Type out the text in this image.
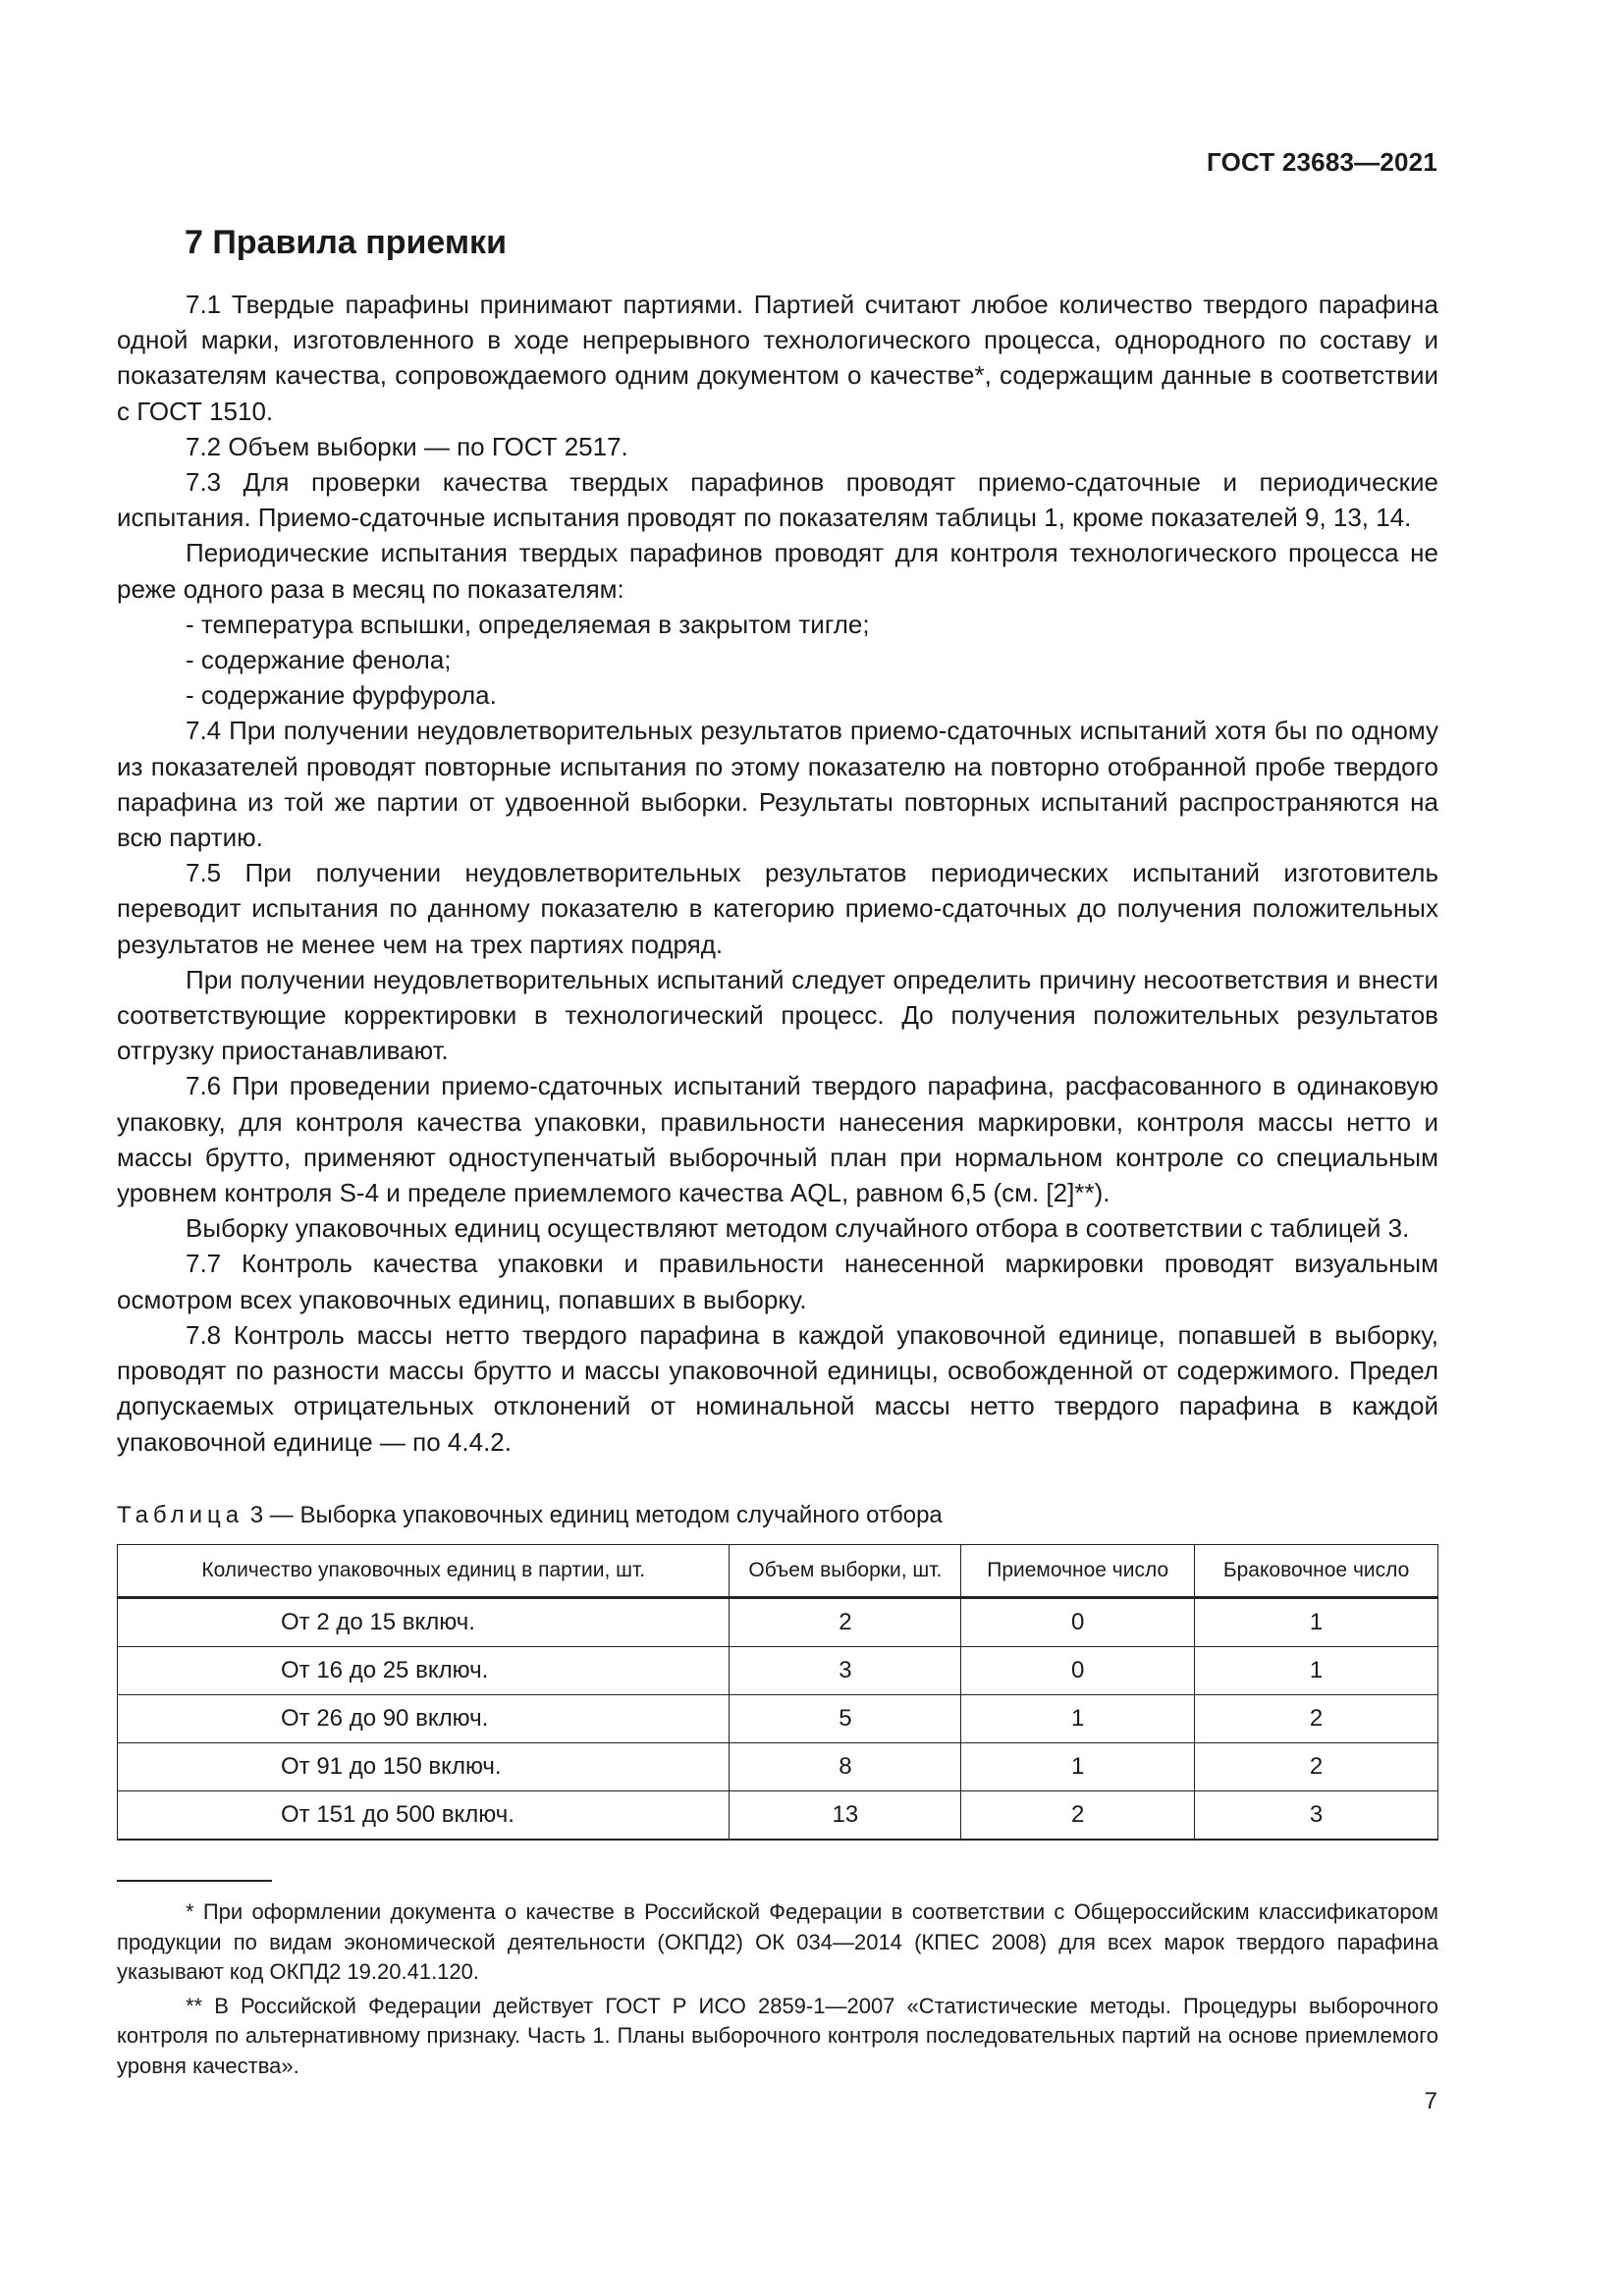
ГОСТ 23683—2021
7 Правила приемки

7.1 Твердые парафины принимают партиями. Партией считают любое количество твердого парафина одной марки, изготовленного в ходе непрерывного технологического процесса, однородного по составу и показателям качества, сопровождаемого одним документом о качестве*, содержащим данные в соответствии с ГОСТ 1510.

7.2 Объем выборки — по ГОСТ 2517.

7.3 Для проверки качества твердых парафинов проводят приемо-сдаточные и периодические испытания. Приемо-сдаточные испытания проводят по показателям таблицы 1, кроме показателей 9, 13, 14.

Периодические испытания твердых парафинов проводят для контроля технологического процесса не реже одного раза в месяц по показателям:

- температура вспышки, определяемая в закрытом тигле;

- содержание фенола;

- содержание фурфурола.

7.4 При получении неудовлетворительных результатов приемо-сдаточных испытаний хотя бы по одному из показателей проводят повторные испытания по этому показателю на повторно отобранной пробе твердого парафина из той же партии от удвоенной выборки. Результаты повторных испытаний распространяются на всю партию.

7.5 При получении неудовлетворительных результатов периодических испытаний изготовитель переводит испытания по данному показателю в категорию приемо-сдаточных до получения положительных результатов не менее чем на трех партиях подряд.

При получении неудовлетворительных испытаний следует определить причину несоответствия и внести соответствующие корректировки в технологический процесс. До получения положительных результатов отгрузку приостанавливают.

7.6 При проведении приемо-сдаточных испытаний твердого парафина, расфасованного в одинаковую упаковку, для контроля качества упаковки, правильности нанесения маркировки, контроля массы нетто и массы брутто, применяют одноступенчатый выборочный план при нормальном контроле со специальным уровнем контроля S-4 и пределе приемлемого качества AQL, равном 6,5 (см. [2]**).

Выборку упаковочных единиц осуществляют методом случайного отбора в соответствии с таблицей 3.

7.7 Контроль качества упаковки и правильности нанесенной маркировки проводят визуальным осмотром всех упаковочных единиц, попавших в выборку.

7.8 Контроль массы нетто твердого парафина в каждой упаковочной единице, попавшей в выборку, проводят по разности массы брутто и массы упаковочной единицы, освобожденной от содержимого. Предел допускаемых отрицательных отклонений от номинальной массы нетто твердого парафина в каждой упаковочной единице — по 4.4.2.

Таблица 3 — Выборка упаковочных единиц методом случайного отбора
Количество упаковочных единиц в партии, шт.	Объем выборки, шт.	Приемочное число	Браковочное число
От 2 до 15 включ.	2	0	1
От 16 до 25 включ.	3	0	1
От 26 до 90 включ.	5	1	2
От 91 до 150 включ.	8	1	2
От 151 до 500 включ.	13	2	3

* При оформлении документа о качестве в Российской Федерации в соответствии с Общероссийским классификатором продукции по видам экономической деятельности (ОКПД2) ОК 034—2014 (КПЕС 2008) для всех марок твердого парафина указывают код ОКПД2 19.20.41.120.

** В Российской Федерации действует ГОСТ Р ИСО 2859-1—2007 «Статистические методы. Процедуры выборочного контроля по альтернативному признаку. Часть 1. Планы выборочного контроля последовательных партий на основе приемлемого уровня качества».

7
